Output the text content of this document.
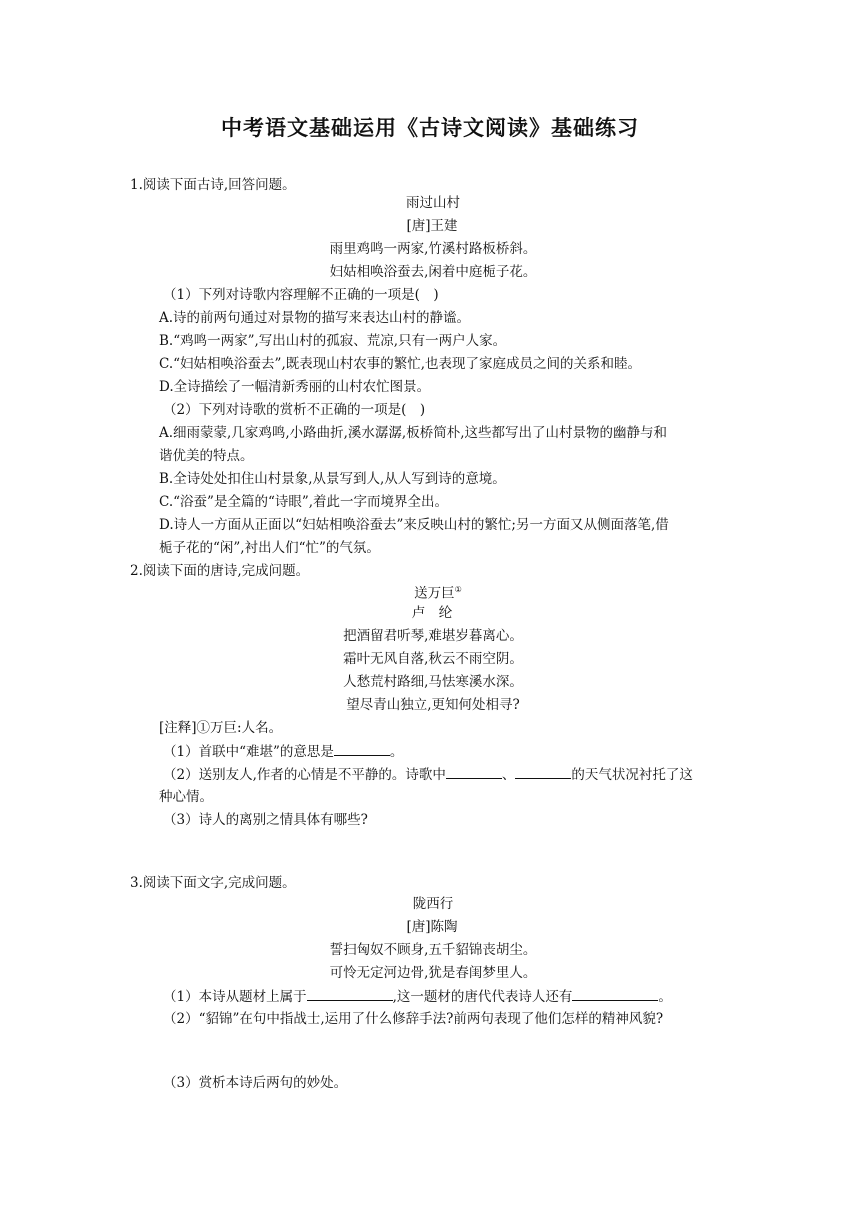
中考语文基础运用《古诗文阅读》基础练习
1.阅读下面古诗,回答问题。
雨过山村
[唐]王建
雨里鸡鸣一两家,竹溪村路板桥斜。
妇姑相唤浴蚕去,闲着中庭栀子花。
（1）下列对诗歌内容理解不正确的一项是(　)
A.诗的前两句通过对景物的描写来表达山村的静谧。
B.“鸡鸣一两家”,写出山村的孤寂、荒凉,只有一两户人家。
C.“妇姑相唤浴蚕去”,既表现山村农事的繁忙,也表现了家庭成员之间的关系和睦。
D.全诗描绘了一幅清新秀丽的山村农忙图景。
（2）下列对诗歌的赏析不正确的一项是(　)
A.细雨蒙蒙,几家鸡鸣,小路曲折,溪水潺潺,板桥简朴,这些都写出了山村景物的幽静与和
谐优美的特点。
B.全诗处处扣住山村景象,从景写到人,从人写到诗的意境。
C.“浴蚕”是全篇的“诗眼”,着此一字而境界全出。
D.诗人一方面从正面以“妇姑相唤浴蚕去”来反映山村的繁忙;另一方面又从侧面落笔,借
栀子花的“闲”,衬出人们“忙”的气氛。
2.阅读下面的唐诗,完成问题。
送万巨①
卢　纶
把酒留君听琴,难堪岁暮离心。
霜叶无风自落,秋云不雨空阴。
人愁荒村路细,马怯寒溪水深。
望尽青山独立,更知何处相寻?
[注释]①万巨:人名。
（1）首联中“难堪”的意思是	。
（2）送别友人,作者的心情是不平静的。诗歌中	、	的天气状况衬托了这
种心情。
（3）诗人的离别之情具体有哪些?
3.阅读下面文字,完成问题。
陇西行
[唐]陈陶
誓扫匈奴不顾身,五千貂锦丧胡尘。
可怜无定河边骨,犹是春闺梦里人。
（1）本诗从题材上属于	,这一题材的唐代代表诗人还有	。
（2）“貂锦”在句中指战士,运用了什么修辞手法?前两句表现了他们怎样的精神风貌?
（3）赏析本诗后两句的妙处。
